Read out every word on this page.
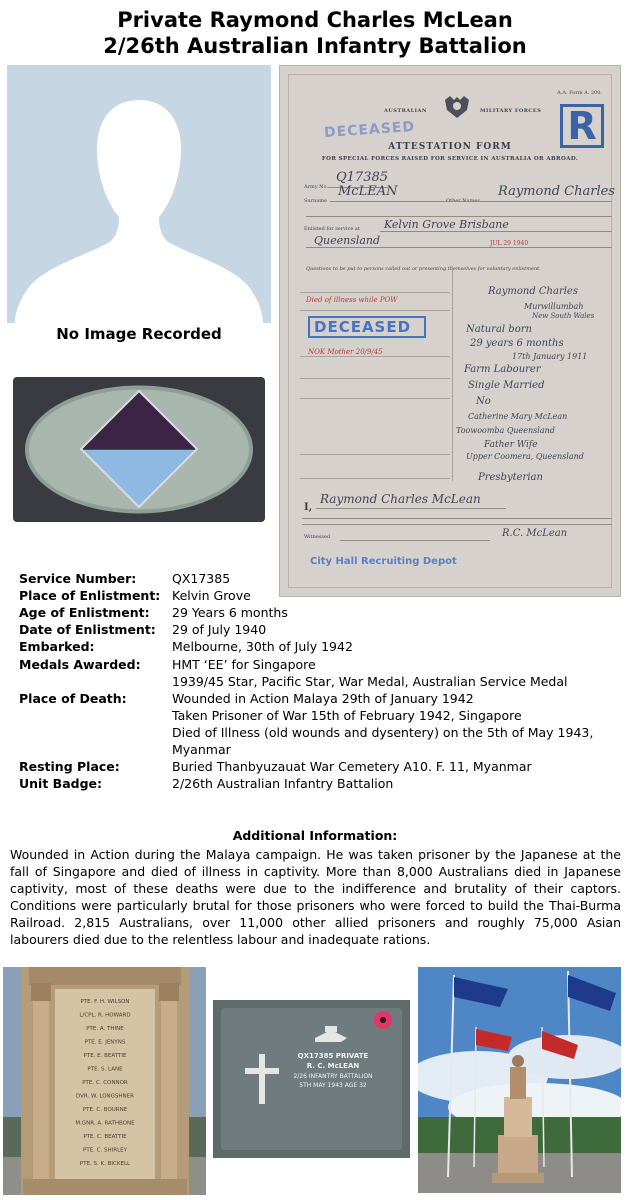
Private Raymond Charles McLean
2/26th Australian Infantry Battalion
No Image Recorded
AUSTRALIAN	MILITARY FORCES
A.A. Form A. 200.
R
DECEASED
ATTESTATION FORM
FOR SPECIAL FORCES RAISED FOR SERVICE IN AUSTRALIA OR ABROAD.
Army No.
Q17385
Surname
McLEAN
Other Names
Raymond Charles
Enlisted for service at Kelvin Grove Brisbane
Queensland	JUL 29 1940
Questions to be put to persons called out or presenting themselves for voluntary enlistment.
Died of illness while POW
DECEASED
NOK Mother 20/9/45
Raymond Charles
Murwillumbah
New South Wales
Natural born
29 years 6 months
17th January 1911
Farm Labourer
Single Married
No
Catherine Mary McLean
Toowoomba Queensland
Father Wife
Upper Coomera, Queensland
Presbyterian
I,
Raymond Charles McLean
R.C. McLean
Witnessed
City Hall Recruiting Depot
Service Number:	QX17385
Place of Enlistment: Kelvin Grove
Age of Enlistment:	29 Years 6 months
Date of Enlistment:	29 of July 1940
Embarked:	Melbourne, 30th of July 1942
Medals Awarded:	HMT ‘EE’ for Singapore
1939/45 Star, Pacific Star, War Medal, Australian Service Medal
Place of Death:	Wounded in Action Malaya 29th of January 1942
Taken Prisoner of War 15th of February 1942, Singapore
Died of Illness (old wounds and dysentery) on the 5th of May 1943,
Myanmar
Resting Place:	Buried Thanbyuzauat War Cemetery A10. F. 11, Myanmar
Unit Badge:	2/26th Australian Infantry Battalion
Additional Information:
Wounded in Action during the Malaya campaign. He was taken prisoner by the Japanese at the fall of Singapore and died of illness in captivity. More than 8,000 Australians died in Japanese captivity, most of these deaths were due to the indifference and brutality of their captors. Conditions were particularly brutal for those prisoners who were forced to build the Thai-Burma Railroad. 2,815 Australians, over 11,000 other allied prisoners and roughly 75,000 Asian labourers died due to the relentless labour and inadequate rations.
PTE. F. H. WILSON
L/CPL. R. HOWARD
PTE. A. THINE
PTE. E. JENYNS
PTE. E. BEATTIE
PTE. S. LANE
PTE. C. CONNOR
DVR. W. LONGSHNER
PTE. C. BOURNE
M.GNR. A. RATHBONE
PTE. C. BEATTIE
PTE. C. SHIRLEY
PTE. S. K. BICKELL
QX17385 PRIVATE
R. C. McLEAN
2/26 INFANTRY BATTALION
5TH MAY 1943 AGE 32
